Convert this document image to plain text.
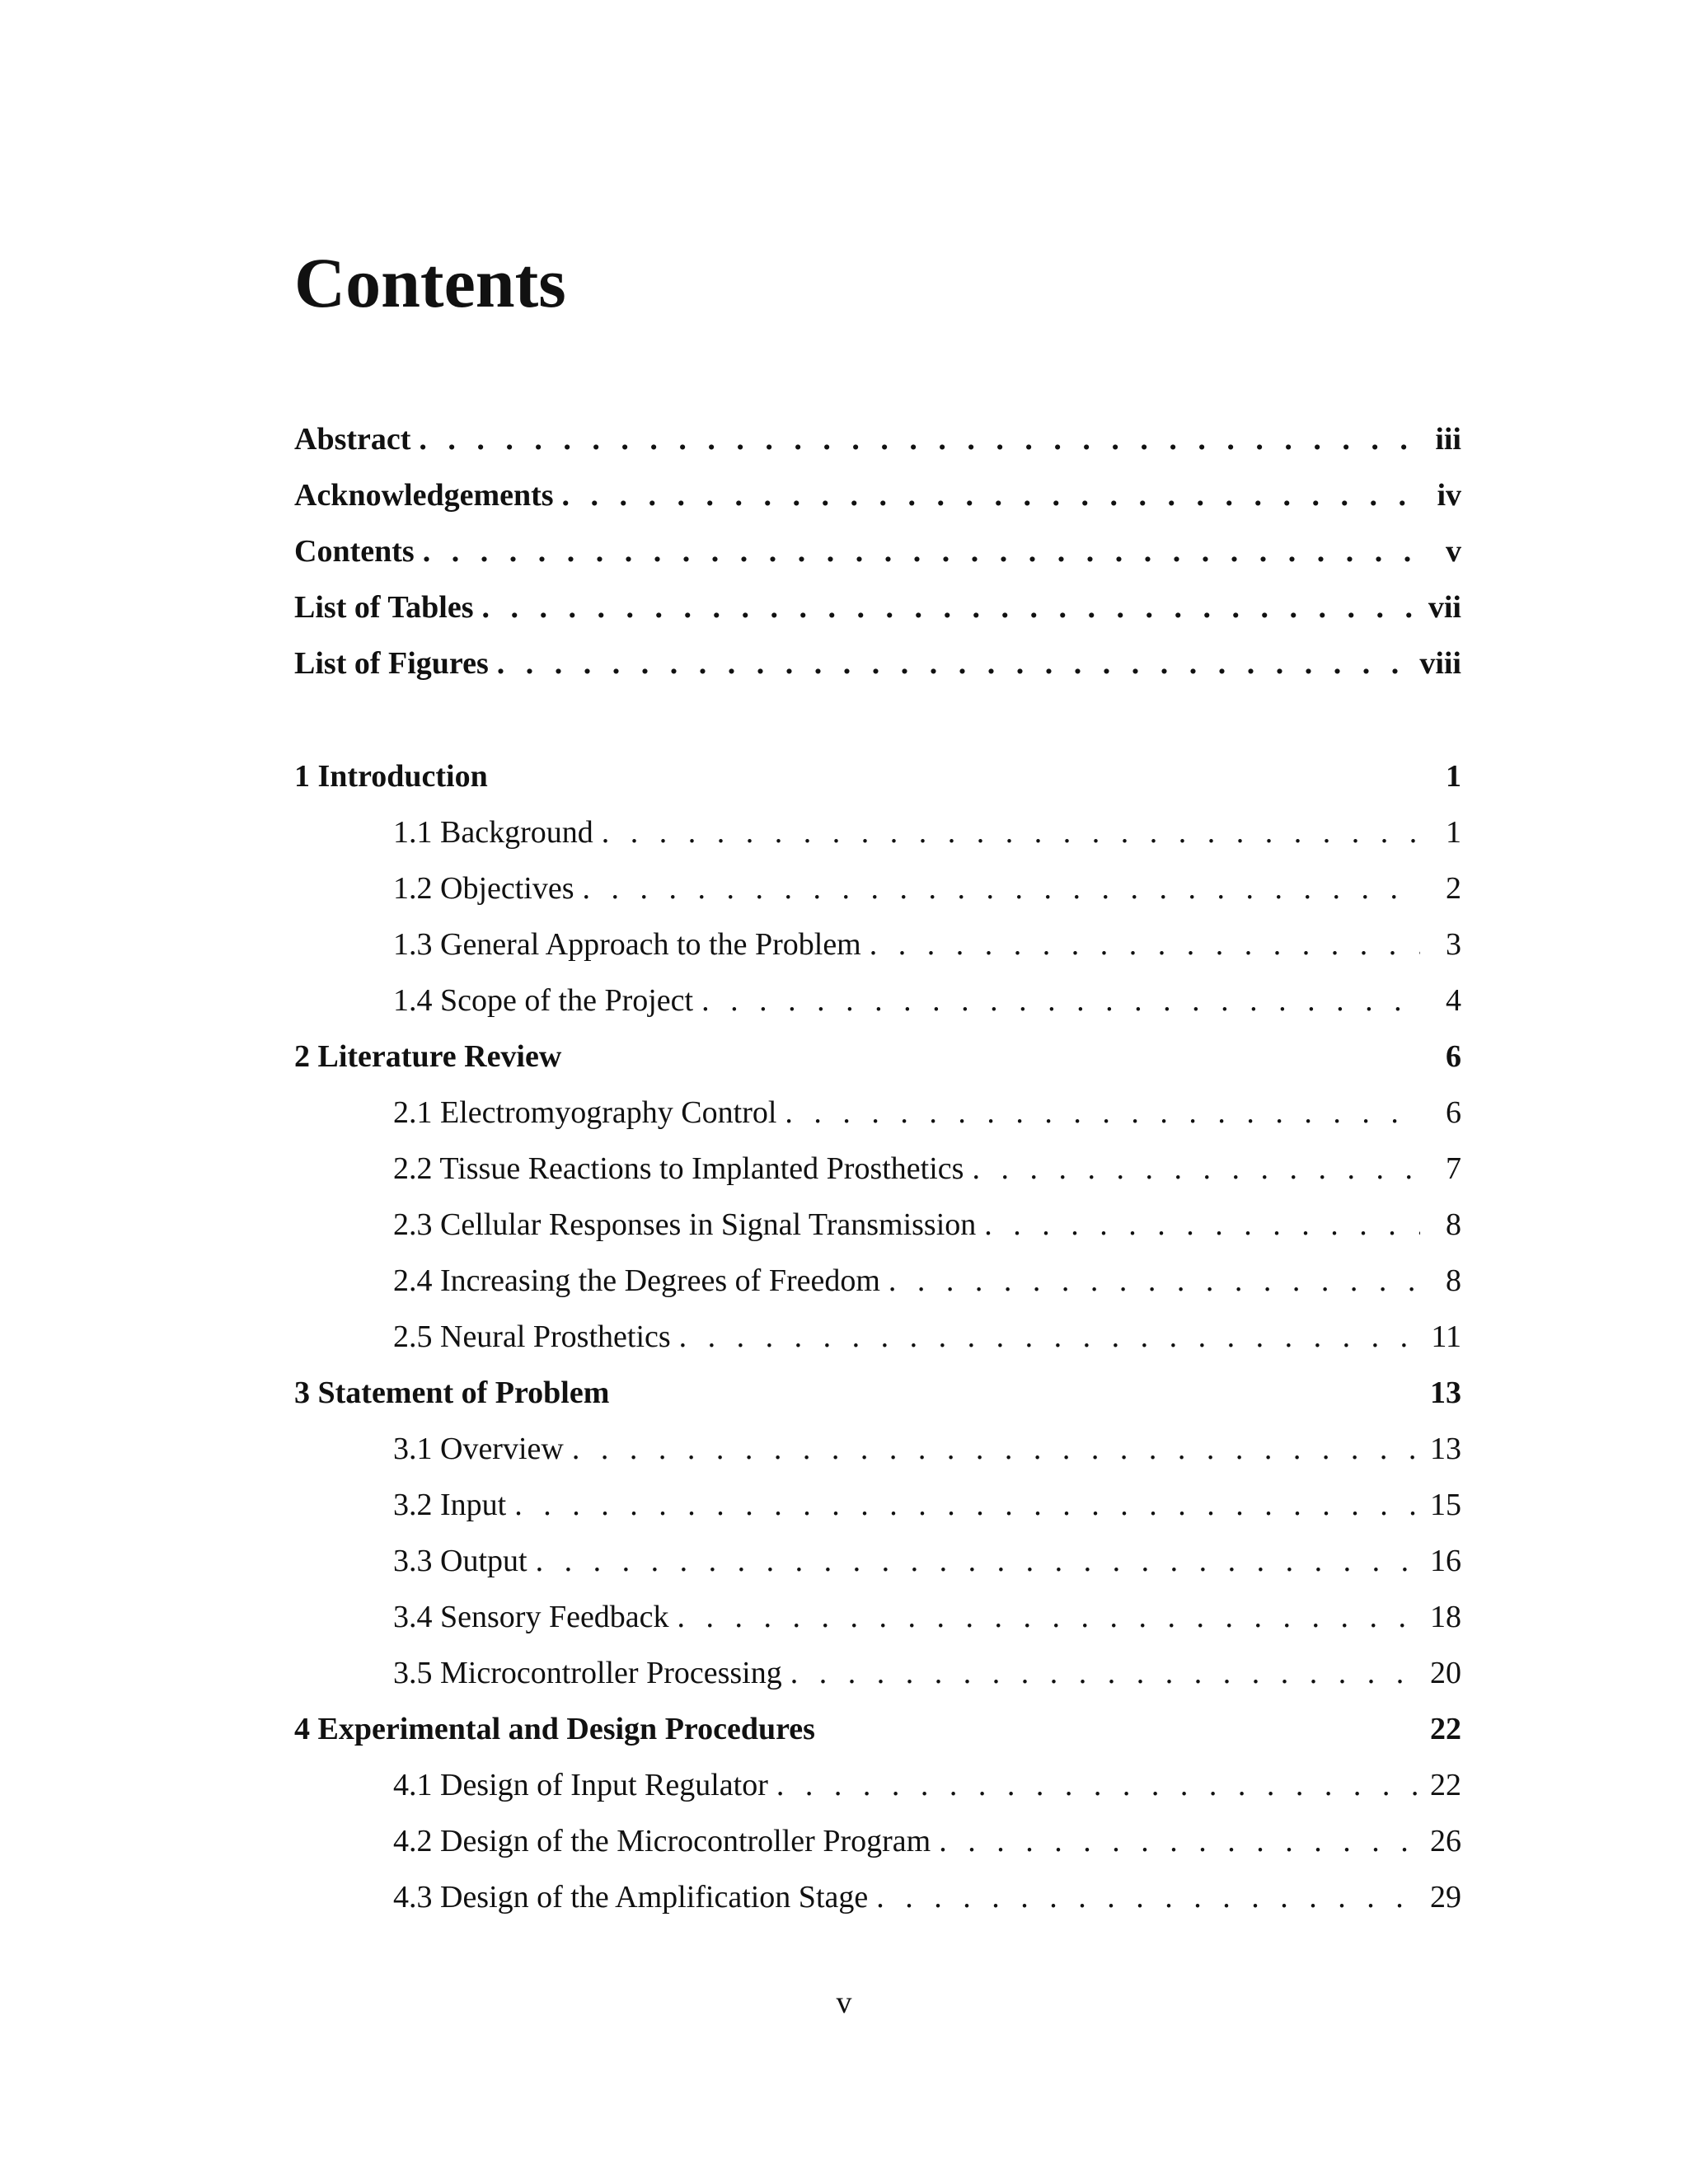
Contents
Abstract . . .	iii
Acknowledgements . . .	iv
Contents . . .	v
List of Tables . . .	vii
List of Figures . . .	viii
1 Introduction	1
1.1 Background . . .	1
1.2 Objectives . . .	2
1.3 General Approach to the Problem . . .	3
1.4 Scope of the Project . . .	4
2 Literature Review	6
2.1 Electromyography Control . . .	6
2.2 Tissue Reactions to Implanted Prosthetics . . .	7
2.3 Cellular Responses in Signal Transmission . . .	8
2.4 Increasing the Degrees of Freedom . . .	8
2.5 Neural Prosthetics . . .	11
3 Statement of Problem	13
3.1 Overview . . .	13
3.2 Input . . .	15
3.3 Output . . .	16
3.4 Sensory Feedback . . .	18
3.5 Microcontroller Processing . . .	20
4 Experimental and Design Procedures	22
4.1 Design of Input Regulator . . .	22
4.2 Design of the Microcontroller Program . . .	26
4.3 Design of the Amplification Stage . . .	29
v
